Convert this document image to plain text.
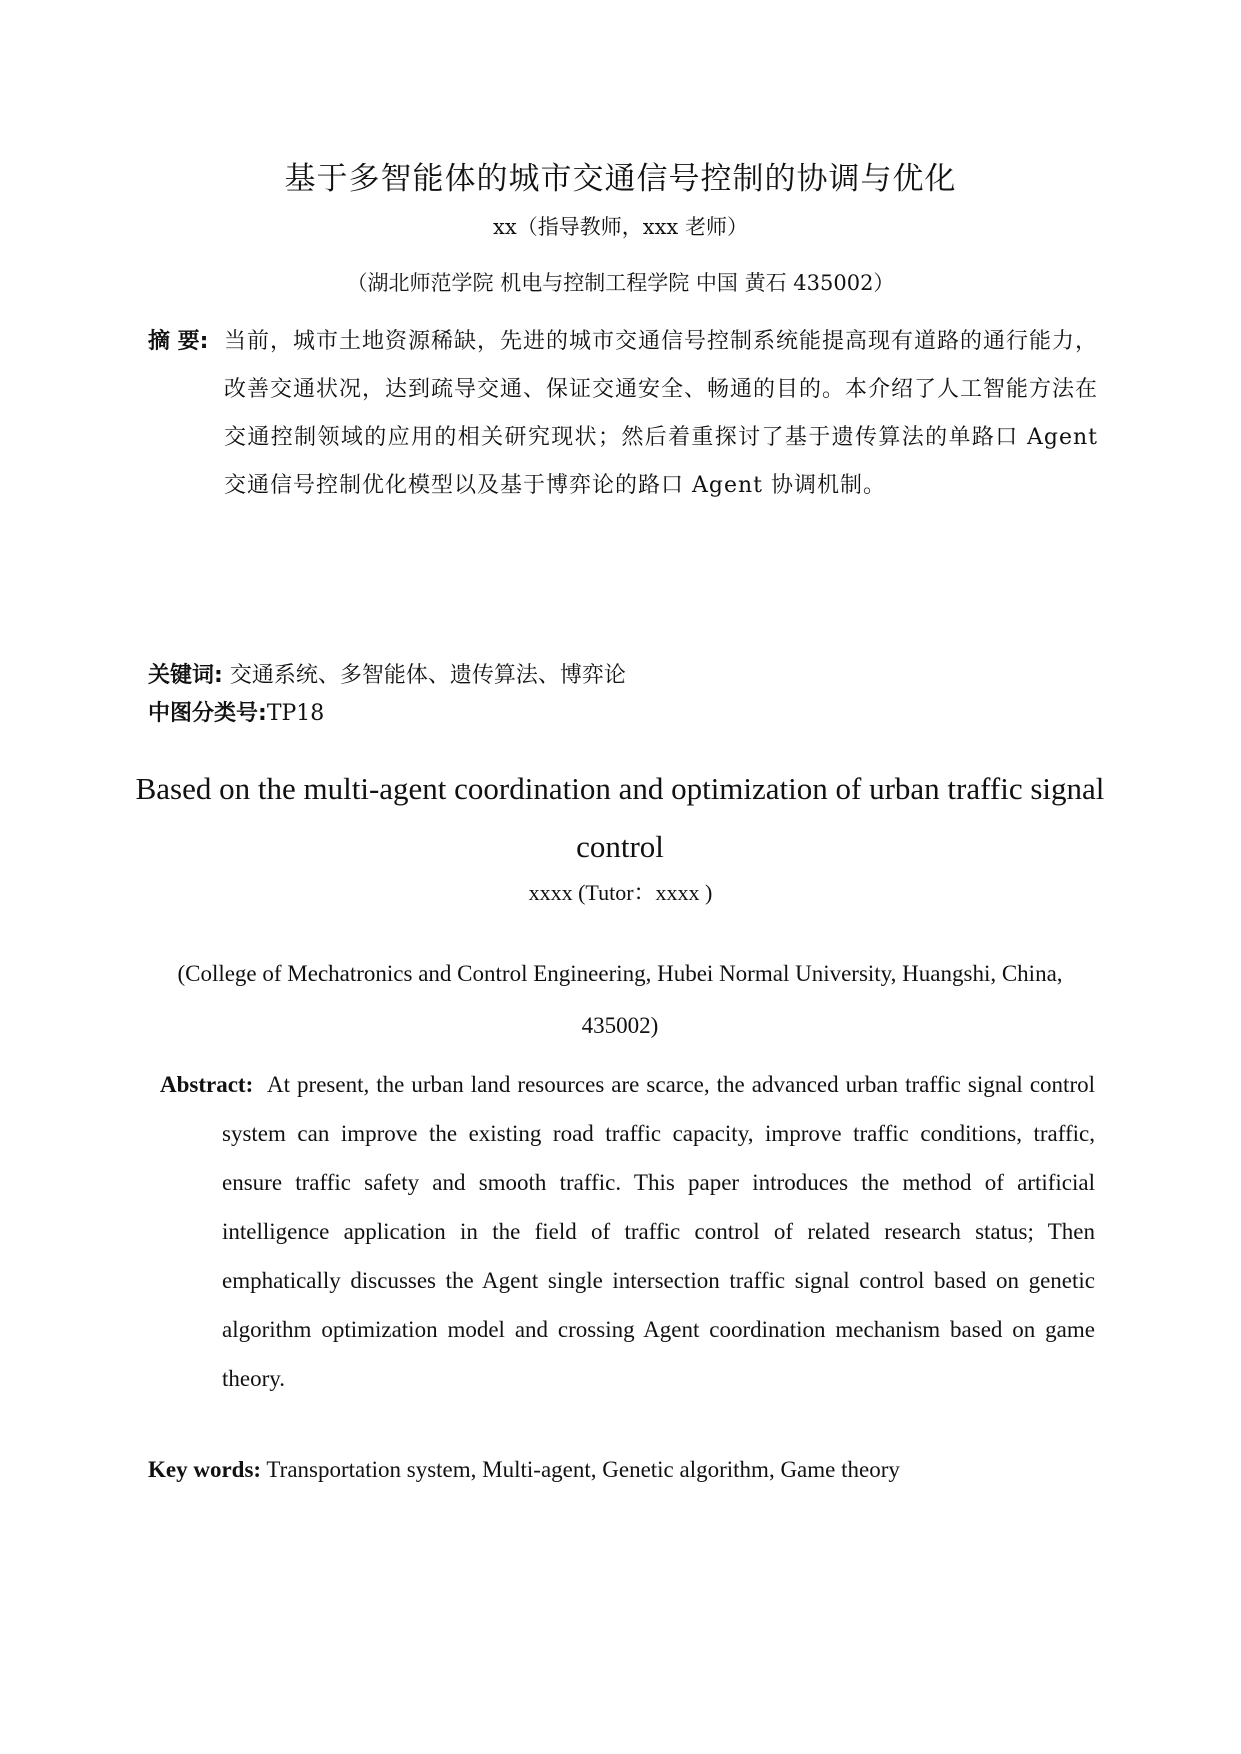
基于多智能体的城市交通信号控制的协调与优化
xx（指导教师，xxx 老师）
（湖北师范学院 机电与控制工程学院 中国 黄石 435002）
摘 要: 当前，城市土地资源稀缺，先进的城市交通信号控制系统能提高现有道路的通行能力，改善交通状况，达到疏导交通、保证交通安全、畅通的目的。本介绍了人工智能方法在交通控制领域的应用的相关研究现状；然后着重探讨了基于遗传算法的单路口 Agent 交通信号控制优化模型以及基于博弈论的路口 Agent 协调机制。
关键词: 交通系统、多智能体、遗传算法、博弈论
中图分类号:TP18
Based on the multi-agent coordination and optimization of urban traffic signal control
xxxx (Tutor：xxxx )
(College of Mechatronics and Control Engineering, Hubei Normal University, Huangshi, China, 435002)
Abstract: At present, the urban land resources are scarce, the advanced urban traffic signal control system can improve the existing road traffic capacity, improve traffic conditions, traffic, ensure traffic safety and smooth traffic. This paper introduces the method of artificial intelligence application in the field of traffic control of related research status; Then emphatically discusses the Agent single intersection traffic signal control based on genetic algorithm optimization model and crossing Agent coordination mechanism based on game theory.
Key words: Transportation system, Multi-agent, Genetic algorithm, Game theory
